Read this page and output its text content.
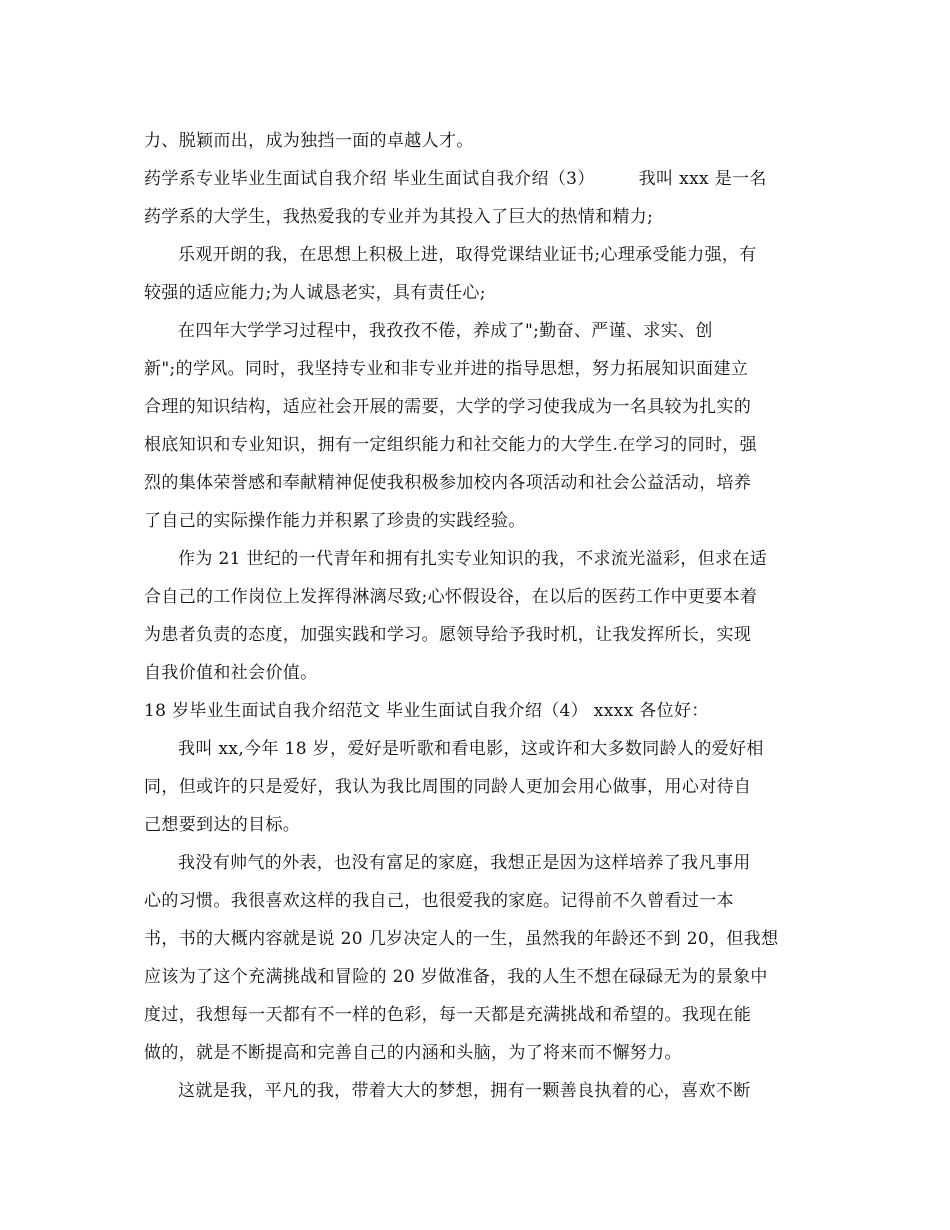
力、脱颖而出，成为独挡一面的卓越人才。
药学系专业毕业生面试自我介绍 毕业生面试自我介绍（3）	我叫 xxx 是一名
药学系的大学生，我热爱我的专业并为其投入了巨大的热情和精力;
乐观开朗的我，在思想上积极上进，取得党课结业证书;心理承受能力强，有
较强的适应能力;为人诚恳老实，具有责任心;
在四年大学学习过程中，我孜孜不倦，养成了";勤奋、严谨、求实、创
新";的学风。同时，我坚持专业和非专业并进的指导思想，努力拓展知识面建立
合理的知识结构，适应社会开展的需要，大学的学习使我成为一名具较为扎实的
根底知识和专业知识，拥有一定组织能力和社交能力的大学生.在学习的同时，强
烈的集体荣誉感和奉献精神促使我积极参加校内各项活动和社会公益活动，培养
了自己的实际操作能力并积累了珍贵的实践经验。
作为 21 世纪的一代青年和拥有扎实专业知识的我，不求流光溢彩，但求在适
合自己的工作岗位上发挥得淋漓尽致;心怀假设谷，在以后的医药工作中更要本着
为患者负责的态度，加强实践和学习。愿领导给予我时机，让我发挥所长，实现
自我价值和社会价值。
18 岁毕业生面试自我介绍范文 毕业生面试自我介绍（4） xxxx 各位好：
我叫 xx,今年 18 岁，爱好是听歌和看电影，这或许和大多数同龄人的爱好相
同，但或许的只是爱好，我认为我比周围的同龄人更加会用心做事，用心对待自
己想要到达的目标。
我没有帅气的外表，也没有富足的家庭，我想正是因为这样培养了我凡事用
心的习惯。我很喜欢这样的我自己，也很爱我的家庭。记得前不久曾看过一本
书，书的大概内容就是说 20 几岁决定人的一生，虽然我的年龄还不到 20，但我想
应该为了这个充满挑战和冒险的 20 岁做准备，我的人生不想在碌碌无为的景象中
度过，我想每一天都有不一样的色彩，每一天都是充满挑战和希望的。我现在能
做的，就是不断提高和完善自己的内涵和头脑，为了将来而不懈努力。
这就是我，平凡的我，带着大大的梦想，拥有一颗善良执着的心，喜欢不断
